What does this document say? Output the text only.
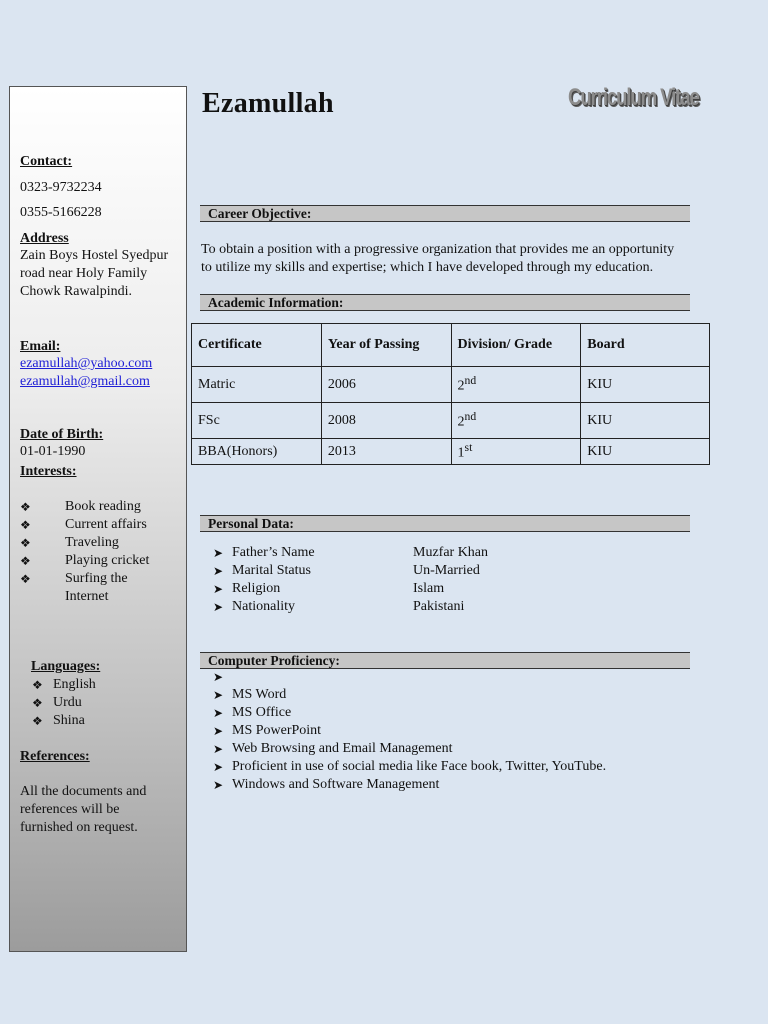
Contact:
0323-9732234
0355-5166228
Address
Zain Boys Hostel Syedpur
road near Holy Family
Chowk Rawalpindi.
Email:
ezamullah@yahoo.com
ezamullah@gmail.com
Date of Birth:
01-01-1990
Interests:
❖ Book reading
❖ Current affairs
❖ Traveling
❖ Playing cricket
❖ Surfing the
Internet
Languages:
❖ English
❖ Urdu
❖ Shina
References:
All the documents and
references will be
furnished on request.
Ezamullah	Curriculum Vitae
Career Objective:
To obtain a position with a progressive organization that provides me an opportunity
to utilize my skills and expertise; which I have developed through my education.
Academic Information:
Certificate	Year of Passing	Division/ Grade	Board
Matric	2006	2nd	KIU
FSc	2008	2nd	KIU
BBA(Honors)	2013	1st	KIU
Personal Data:
➤ Father’s Name	Muzfar Khan
➤ Marital Status	Un-Married
➤ Religion	Islam
➤ Nationality	Pakistani
Computer Proficiency:
➤
➤ MS Word
➤ MS Office
➤ MS PowerPoint
➤ Web Browsing and Email Management
➤ Proficient in use of social media like Face book, Twitter, YouTube.
➤ Windows and Software Management
